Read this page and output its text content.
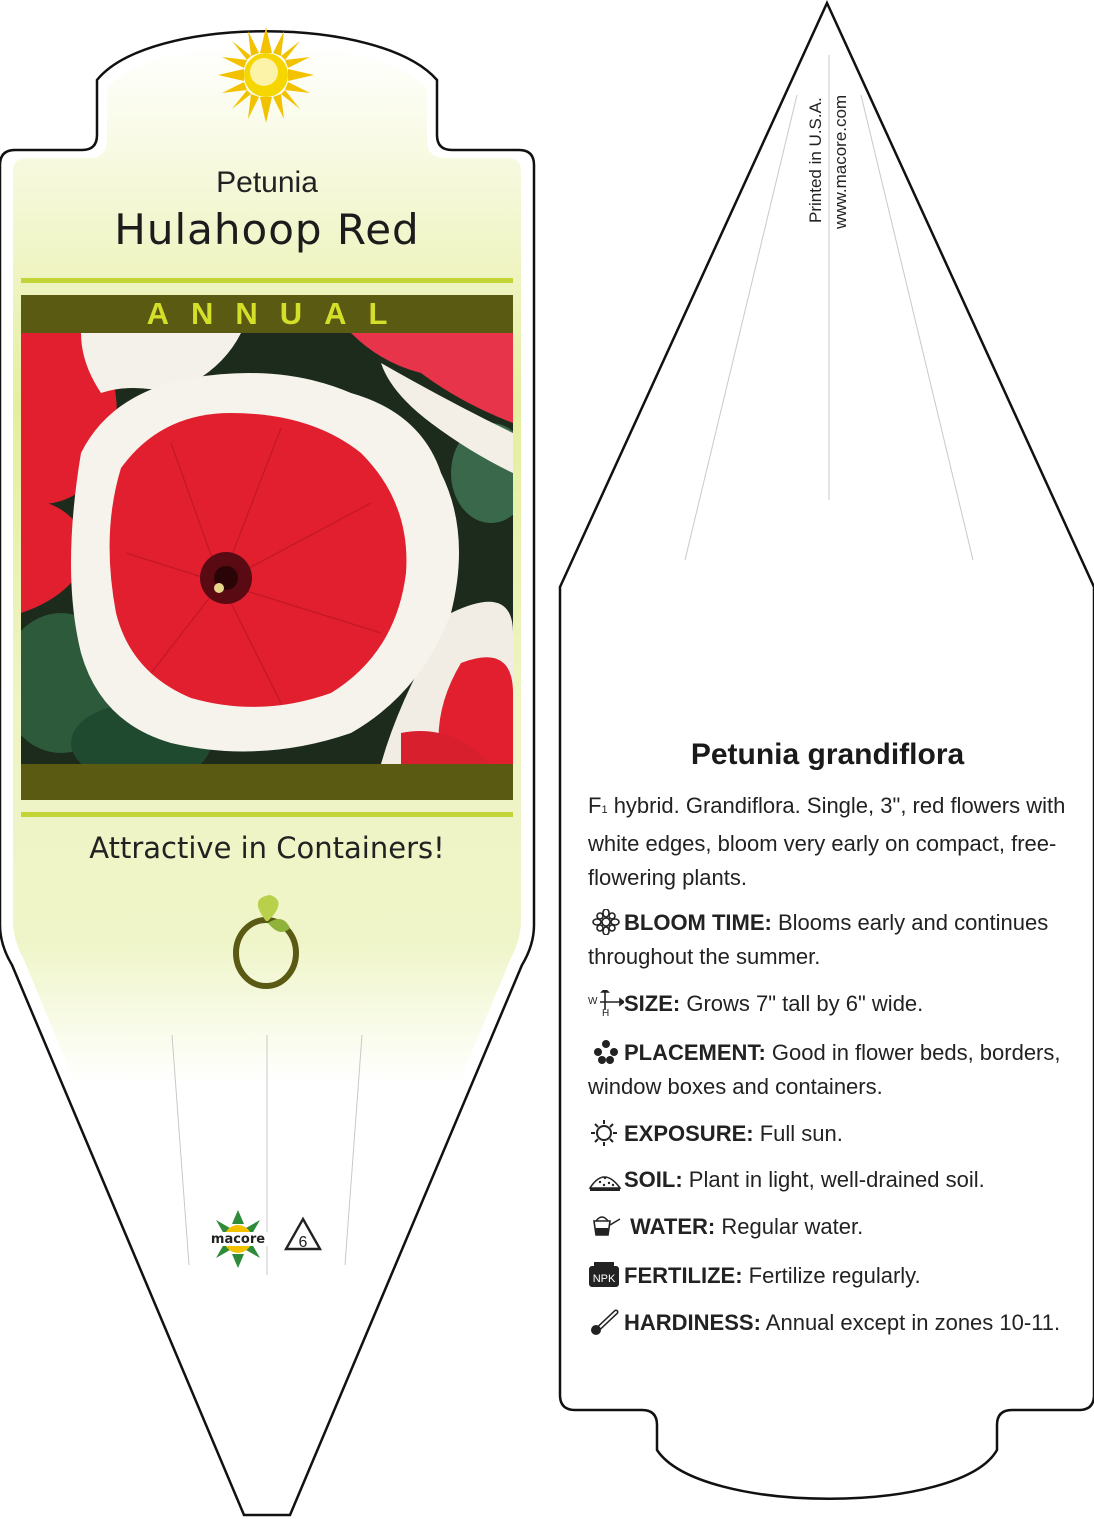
Petunia
Hulahoop Red
ANNUAL
Attractive in Containers!
macore 6
Printed in U.S.A. www.macore.com
Petunia grandiflora
F1 hybrid. Grandiflora. Single, 3", red flowers with white edges, bloom very early on compact, free-flowering plants.
BLOOM TIME: Blooms early and continues throughout the summer.
W
H SIZE: Grows 7" tall by 6" wide.
PLACEMENT: Good in flower beds, borders, window boxes and containers.
EXPOSURE: Full sun.
SOIL: Plant in light, well-drained soil.
WATER: Regular water.
NPK FERTILIZE: Fertilize regularly.
HARDINESS: Annual except in zones 10-11.
